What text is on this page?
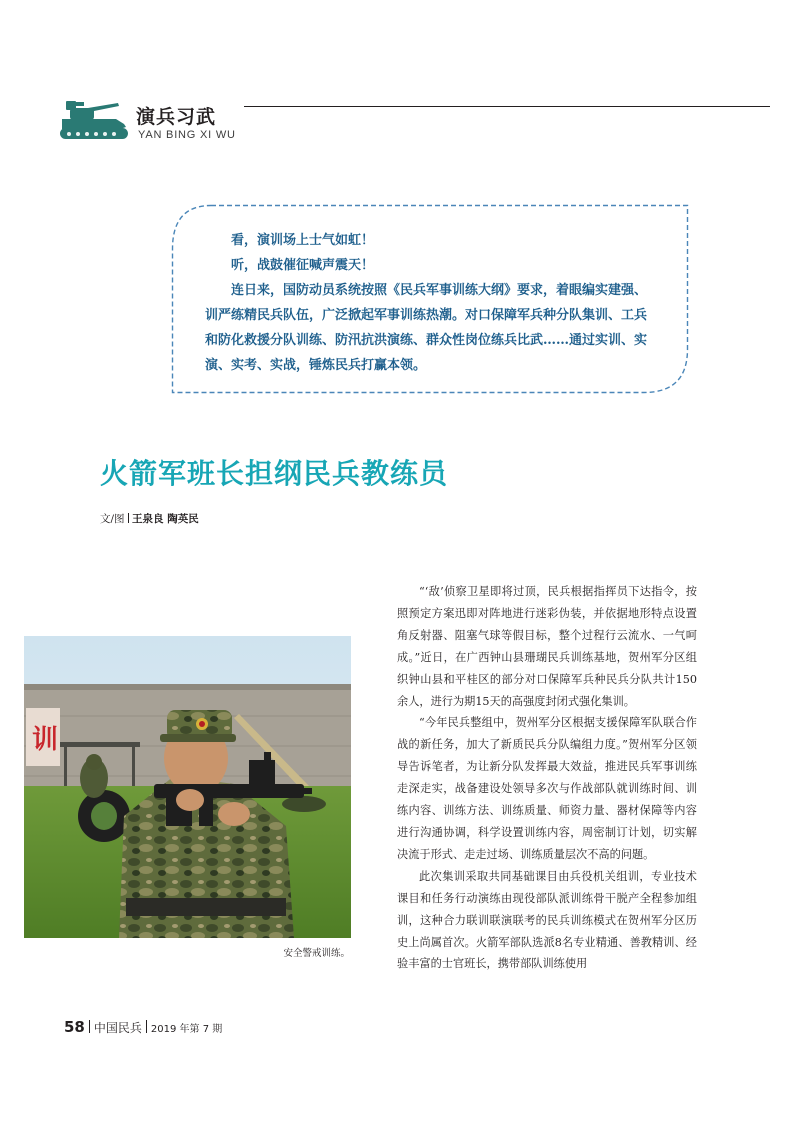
演兵习武
YAN BING XI WU

看，演训场上士气如虹！

听，战鼓催征喊声震天！

连日来，国防动员系统按照《民兵军事训练大纲》要求，着眼编实建强、训严练精民兵队伍，广泛掀起军事训练热潮。对口保障军兵种分队集训、工兵和防化救援分队训练、防汛抗洪演练、群众性岗位练兵比武……通过实训、实演、实考、实战，锤炼民兵打赢本领。

火箭军班长担纲民兵教练员
文/图 王泉良 陶英民
训
安全警戒训练。

“‘敌’侦察卫星即将过顶，民兵根据指挥员下达指令，按照预定方案迅即对阵地进行迷彩伪装，并依据地形特点设置角反射器、阻塞气球等假目标，整个过程行云流水、一气呵成。”近日，在广西钟山县珊瑚民兵训练基地，贺州军分区组织钟山县和平桂区的部分对口保障军兵种民兵分队共计150余人，进行为期15天的高强度封闭式强化集训。

“今年民兵整组中，贺州军分区根据支援保障军队联合作战的新任务，加大了新质民兵分队编组力度。”贺州军分区领导告诉笔者，为让新分队发挥最大效益，推进民兵军事训练走深走实，战备建设处领导多次与作战部队就训练时间、训练内容、训练方法、训练质量、师资力量、器材保障等内容进行沟通协调，科学设置训练内容，周密制订计划，切实解决流于形式、走走过场、训练质量层次不高的问题。

此次集训采取共同基础课目由兵役机关组训，专业技术课目和任务行动演练由现役部队派训练骨干脱产全程参加组训，这种合力联训联演联考的民兵训练模式在贺州军分区历史上尚属首次。火箭军部队选派8名专业精通、善教精训、经验丰富的士官班长，携带部队训练使用

58 中国民兵 2019 年第 7 期
